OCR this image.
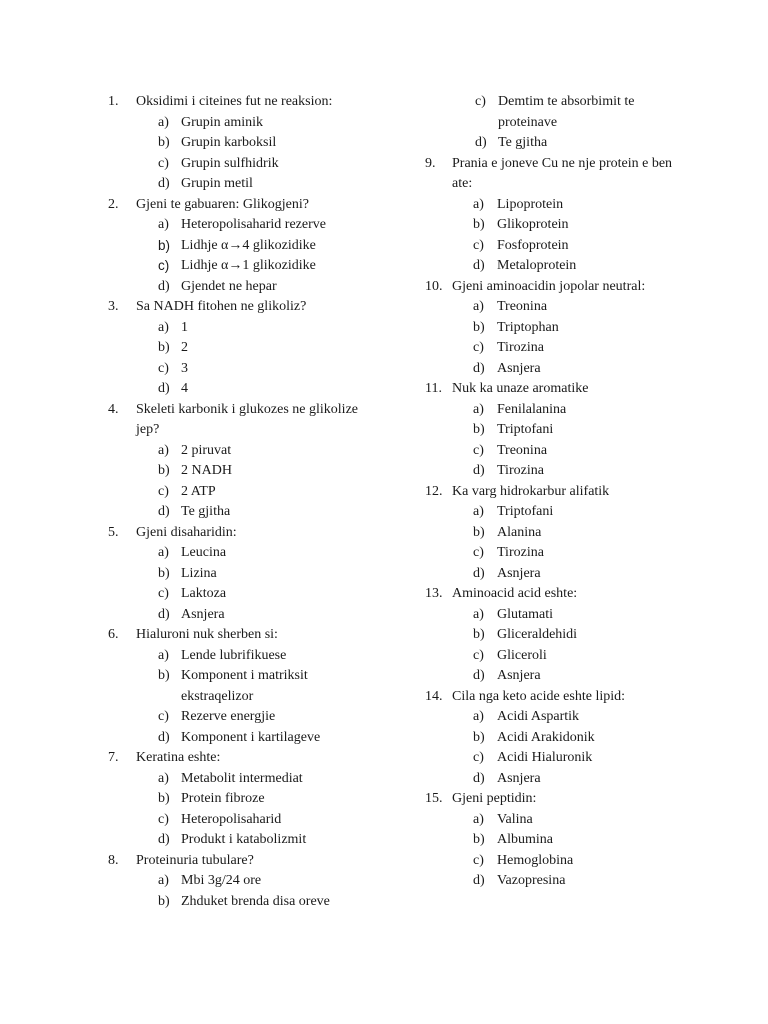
1. Oksidimi i citeines fut ne reaksion:
a) Grupin aminik
b) Grupin karboksil
c) Grupin sulfhidrik
d) Grupin metil
2. Gjeni te gabuaren: Glikogjeni?
a) Heteropolisaharid rezerve
b) Lidhje α→4 glikozidike
c) Lidhje α→1 glikozidike
d) Gjendet ne hepar
3. Sa NADH fitohen ne glikoliz?
a) 1
b) 2
c) 3
d) 4
4. Skeleti karbonik i glukozes ne glikolize jep?
a) 2 piruvat
b) 2 NADH
c) 2 ATP
d) Te gjitha
5. Gjeni disaharidin:
a) Leucina
b) Lizina
c) Laktoza
d) Asnjera
6. Hialuroni nuk sherben si:
a) Lende lubrifikuese
b) Komponent i matriksit ekstraqelizor
c) Rezerve energjie
d) Komponent i kartilageve
7. Keratina eshte:
a) Metabolit intermediat
b) Protein fibroze
c) Heteropolisaharid
d) Produkt i katabolizmit
8. Proteinuria tubulare?
a) Mbi 3g/24 ore
b) Zhduket brenda disa oreve
c) Demtim te absorbimit te proteinave
d) Te gjitha
9. Prania e joneve Cu ne nje protein e ben ate:
a) Lipoprotein
b) Glikoprotein
c) Fosfoprotein
d) Metaloprotein
10. Gjeni aminoacidin jopolar neutral:
a) Treonina
b) Triptophan
c) Tirozina
d) Asnjera
11. Nuk ka unaze aromatike
a) Fenilalanina
b) Triptofani
c) Treonina
d) Tirozina
12. Ka varg hidrokarbur alifatik
a) Triptofani
b) Alanina
c) Tirozina
d) Asnjera
13. Aminoacid acid eshte:
a) Glutamati
b) Gliceraldehidi
c) Gliceroli
d) Asnjera
14. Cila nga keto acide eshte lipid:
a) Acidi Aspartik
b) Acidi Arakidonik
c) Acidi Hialuronik
d) Asnjera
15. Gjeni peptidin:
a) Valina
b) Albumina
c) Hemoglobina
d) Vazopresina
